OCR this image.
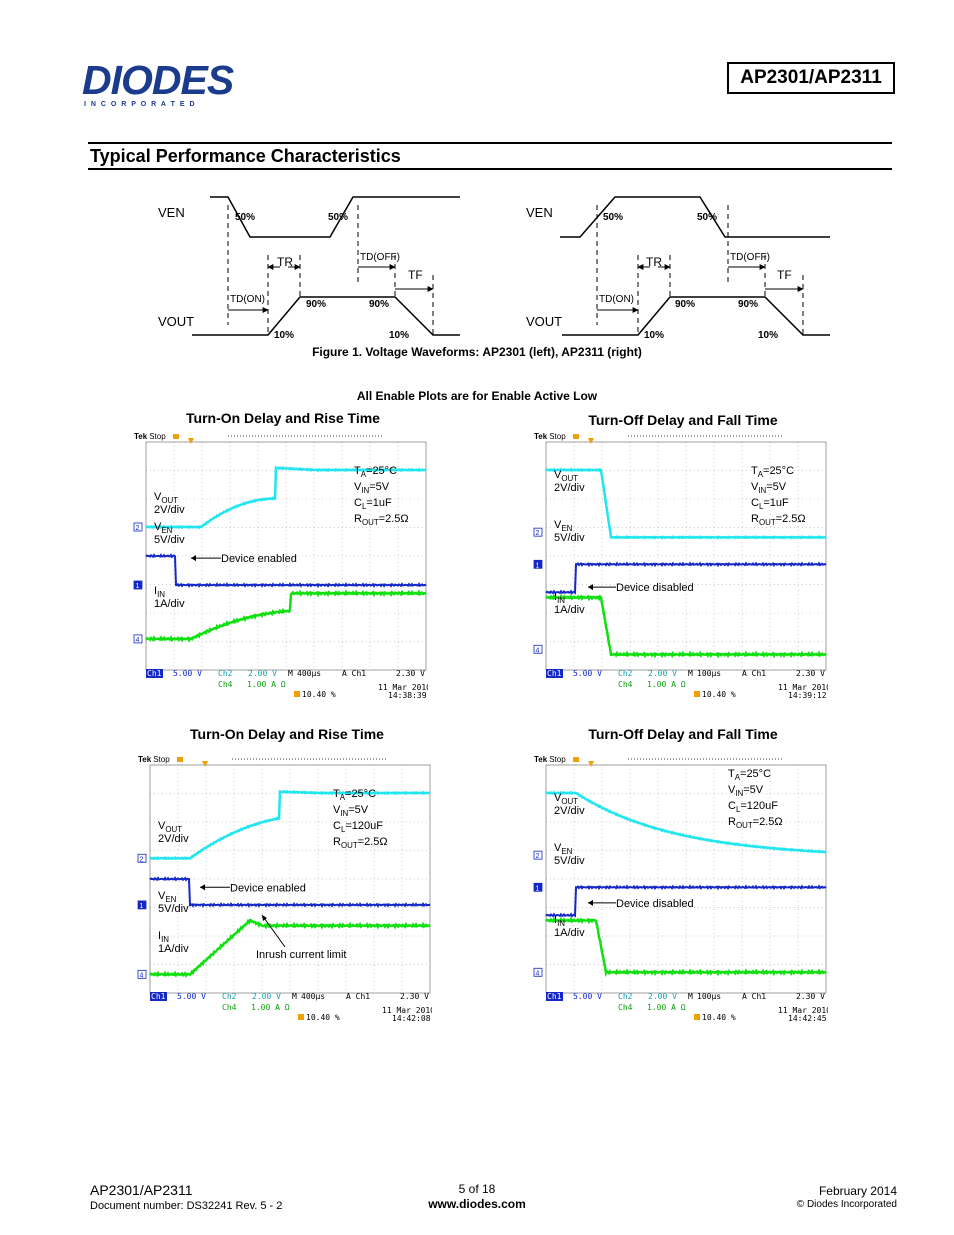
DIODES
I N C O R P O R A T E D
AP2301/AP2311
Typical Performance Characteristics
VEN
VOUT
VEN
VOUT
50%	50%
90%	90%
10%	10%
50%	50%
90%	90%
10%	10%
TR
TF
TD(ON)
TD(OFF)	TR
TF
TD(ON)
TD(OFF)
Figure 1. Voltage Waveforms: AP2301 (left), AP2311 (right)
All Enable Plots are for Enable Active Low
Turn-On Delay and Rise Time	Turn-Off Delay and Fall Time
Turn-On Delay and Rise Time	Turn-Off Delay and Fall Time
Tek Stop
2
1
4
$V_{OUT}$
2V/div
$V_{EN}$
5V/div
$I_{IN}$
1A/div
$T_A=25^\circ C$
$V_{IN}=5V$
$C_L=1uF$
$R_{OUT}=2.5\Omega$
Device enabled
Ch1 5.00 V Ch2 2.00 V M 400μs	A Ch1	2.30 V
Ch4 1.00 A Ω
10.40 %
11 Mar 2010
14:38:39
Tek Stop
2
1
4
$V_{OUT}$
2V/div
$V_{EN}$
5V/div
$I_{IN}$
1A/div
$T_A=25^\circ C$
$V_{IN}=5V$
$C_L=1uF$
$R_{OUT}=2.5\Omega$
Device disabled
Ch1 5.00 V Ch2 2.00 V M 100μs	A Ch1	2.30 V
Ch4 1.00 A Ω
10.40 %
11 Mar 2010
14:39:12
Tek Stop
2
1
4
$V_{OUT}$
2V/div
$V_{EN}$
5V/div
$I_{IN}$
1A/div
$T_A=25^\circ C$
$V_{IN}=5V$
$C_L=120uF$
$R_{OUT}=2.5\Omega$
Device enabled
Inrush current limit
Ch1 5.00 V Ch2 2.00 V M 400μs	A Ch1	2.30 V
Ch4 1.00 A Ω
10.40 %
11 Mar 2010
14:42:08
Tek Stop
2
1
4
$V_{OUT}$
2V/div
$V_{EN}$
5V/div
$I_{IN}$
1A/div
$T_A=25^\circ C$
$V_{IN}=5V$
$C_L=120uF$
$R_{OUT}=2.5\Omega$
Device disabled
Ch1 5.00 V Ch2 2.00 V M 100μs	A Ch1	2.30 V
Ch4 1.00 A Ω
10.40 %
11 Mar 2010
14:42:45
AP2301/AP2311
Document number: DS32241 Rev. 5 - 2
5 of 18
www.diodes.com
February 2014
© Diodes Incorporated
